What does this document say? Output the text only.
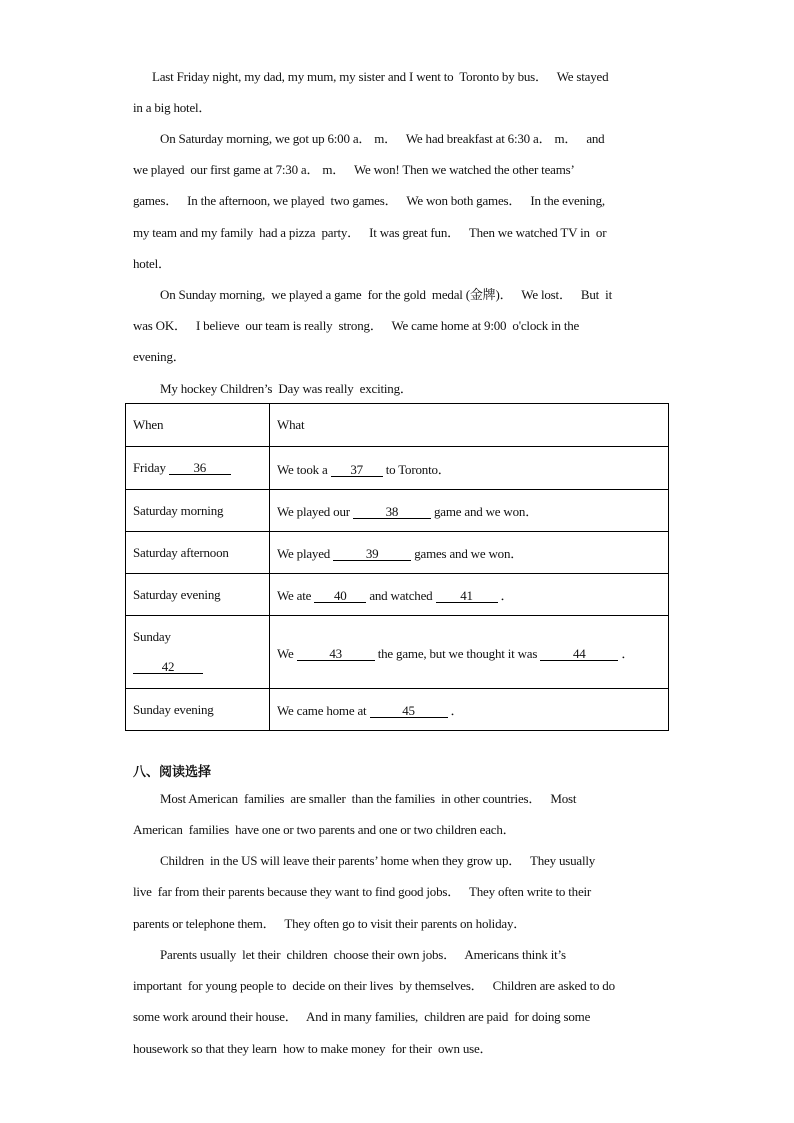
Last Friday night, my dad, my mum, my sister and I went to  Toronto by bus．   We stayed
in a big hotel．
On Saturday morning, we got up 6:00 a． m．   We had breakfast at 6:30 a． m．   and
we played  our first game at 7:30 a． m．   We won! Then we watched the other teams’
games．   In the afternoon, we played  two games．   We won both games．   In the evening,
my team and my family  had a pizza  party．   It was great fun．   Then we watched TV in  or
hotel．
On Sunday morning,  we played a game  for the gold  medal (金牌)．   We lost．   But  it
was OK．   I believe  our team is really  strong．   We came home at 9:00  o'clock in the
evening．
My hockey Children’s  Day was really  exciting．
When	What
Friday 36	We took a 37 to Toronto．
Saturday morning	We played our 38 game and we won．
Saturday afternoon	We played 39 games and we won．
Saturday evening	We ate 40 and watched 41 ．

Sunday
42	We 43 the game, but we thought it was 44 ．
Sunday evening	We came home at 45 ．
八、阅读选择
Most American  families  are smaller  than the families  in other countries．   Most
American  families  have one or two parents and one or two children each．
Children  in the US will leave their parents’ home when they grow up．   They usually
live  far from their parents because they want to find good jobs．   They often write to their
parents or telephone them．   They often go to visit their parents on holiday．
Parents usually  let their  children  choose their own jobs．   Americans think it’s
important  for young people to  decide on their lives  by themselves．   Children are asked to do
some work around their house．   And in many families,  children are paid  for doing some
housework so that they learn  how to make money  for their  own use．
